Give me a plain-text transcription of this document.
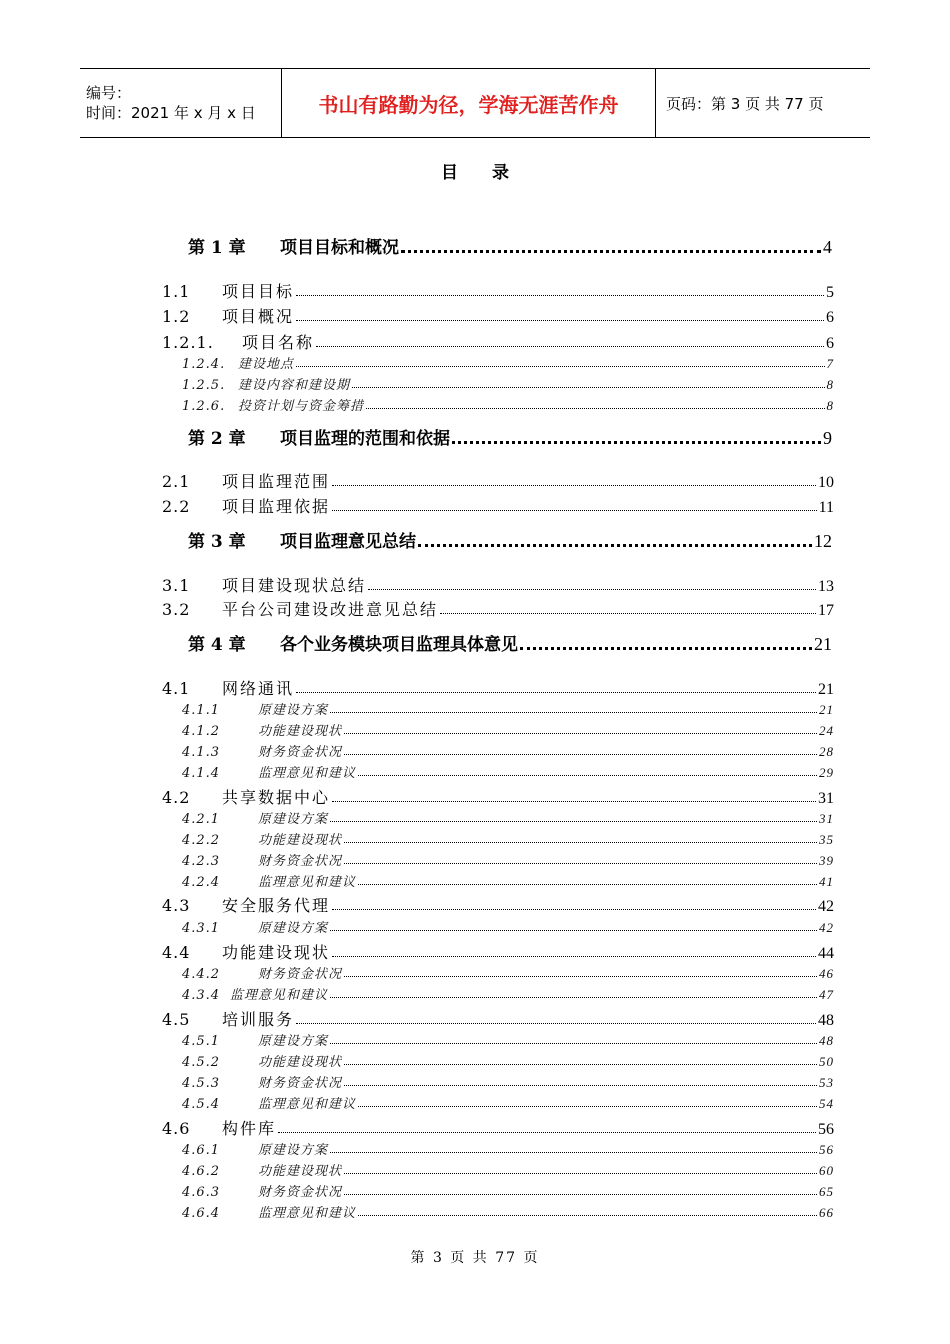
编号：
时间：2021 年 x 月 x 日	书山有路勤为径，学海无涯苦作舟	页码：第 3 页 共 77 页
目录
第 1 章	项目目标和概况	4
1.1	项目目标	5
1.2	项目概况	6
1.2.1.	项目名称	6
1.2.4. 建设地点	7
1.2.5. 建设内容和建设期	8
1.2.6. 投资计划与资金筹措	8
第 2 章	项目监理的范围和依据	9
2.1	项目监理范围	10
2.2	项目监理依据	11
第 3 章	项目监理意见总结	12
3.1	项目建设现状总结	13
3.2	平台公司建设改进意见总结	17
第 4 章	各个业务模块项目监理具体意见	21
4.1	网络通讯	21
4.1.1	原建设方案	21
4.1.2	功能建设现状	24
4.1.3	财务资金状况	28
4.1.4	监理意见和建议	29
4.2	共享数据中心	31
4.2.1	原建设方案	31
4.2.2	功能建设现状	35
4.2.3	财务资金状况	39
4.2.4	监理意见和建议	41
4.3	安全服务代理	42
4.3.1	原建设方案	42
4.4	功能建设现状	44
4.4.2	财务资金状况	46
4.3.4 监理意见和建议	47
4.5	培训服务	48
4.5.1	原建设方案	48
4.5.2	功能建设现状	50
4.5.3	财务资金状况	53
4.5.4	监理意见和建议	54
4.6	构件库	56
4.6.1	原建设方案	56
4.6.2	功能建设现状	60
4.6.3	财务资金状况	65
4.6.4	监理意见和建议	66
第 3 页 共 77 页
